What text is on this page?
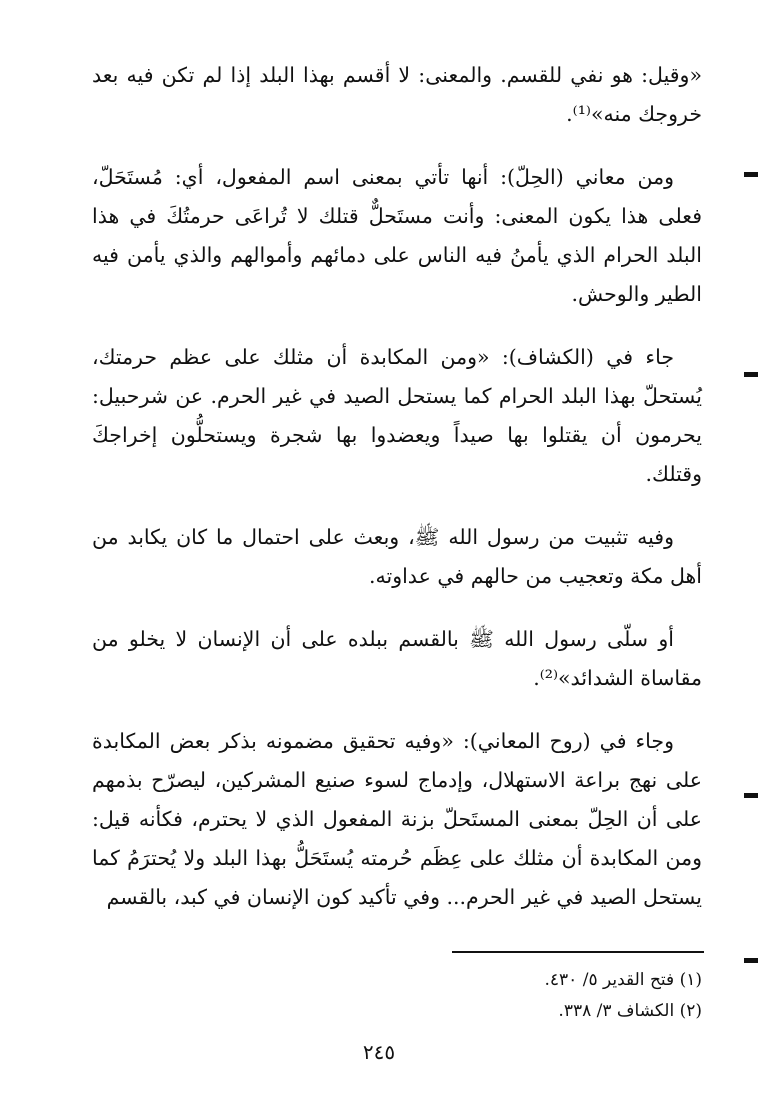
«وقيل: هو نفي للقسم. والمعنى: لا أقسم بهذا البلد إذا لم تكن فيه بعد خروجك منه»⁽¹⁾.

ومن معاني (الحِلّ): أنها تأتي بمعنى اسم المفعول، أي: مُستَحَلّ، فعلى هذا يكون المعنى: وأنت مستَحلٌّ قتلك لا تُراعَى حرمتُكَ في هذا البلد الحرام الذي يأمنُ فيه الناس على دمائهم وأموالهم والذي يأمن فيه الطير والوحش.

جاء في (الكشاف): «ومن المكابدة أن مثلك على عظم حرمتك، يُستحلّ بهذا البلد الحرام كما يستحل الصيد في غير الحرم. عن شرحبيل: يحرمون أن يقتلوا بها صيداً ويعضدوا بها شجرة ويستحلُّون إخراجكَ وقتلك.

وفيه تثبيت من رسول الله ﷺ، وبعث على احتمال ما كان يكابد من أهل مكة وتعجيب من حالهم في عداوته.

أو سلّى رسول الله ﷺ بالقسم ببلده على أن الإنسان لا يخلو من مقاساة الشدائد»⁽²⁾.

وجاء في (روح المعاني): «وفيه تحقيق مضمونه بذكر بعض المكابدة على نهج براعة الاستهلال، وإدماج لسوء صنيع المشركين، ليصرّح بذمهم على أن الحِلّ بمعنى المستَحلّ بزنة المفعول الذي لا يحترم، فكأنه قيل: ومن المكابدة أن مثلك على عِظَم حُرمته يُستَحَلُّ بهذا البلد ولا يُحترَمُ كما يستحل الصيد في غير الحرم... وفي تأكيد كون الإنسان في كبد، بالقسم

(١) فتح القدير ٥/ ٤٣٠.

(٢) الكشاف ٣/ ٣٣٨.

٢٤٥
